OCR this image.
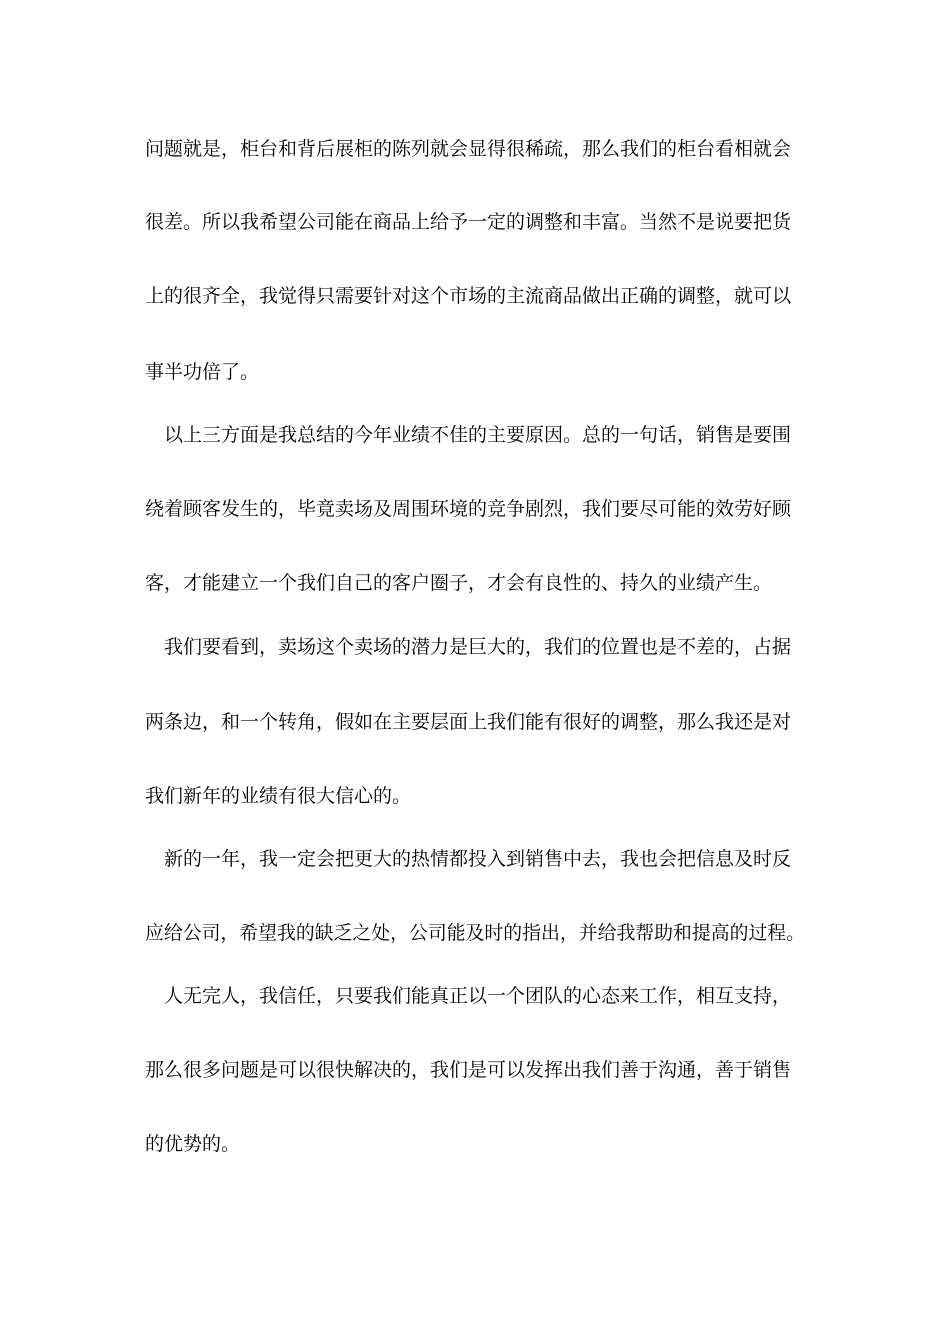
问题就是，柜台和背后展柜的陈列就会显得很稀疏，那么我们的柜台看相就会
很差。所以我希望公司能在商品上给予一定的调整和丰富。当然不是说要把货
上的很齐全，我觉得只需要针对这个市场的主流商品做出正确的调整，就可以
事半功倍了。
　以上三方面是我总结的今年业绩不佳的主要原因。总的一句话，销售是要围
绕着顾客发生的，毕竟卖场及周围环境的竞争剧烈，我们要尽可能的效劳好顾
客，才能建立一个我们自己的客户圈子，才会有良性的、持久的业绩产生。
　我们要看到，卖场这个卖场的潜力是巨大的，我们的位置也是不差的，占据
两条边，和一个转角，假如在主要层面上我们能有很好的调整，那么我还是对
我们新年的业绩有很大信心的。
　新的一年，我一定会把更大的热情都投入到销售中去，我也会把信息及时反
应给公司，希望我的缺乏之处，公司能及时的指出，并给我帮助和提高的过程。
　人无完人，我信任，只要我们能真正以一个团队的心态来工作，相互支持，
那么很多问题是可以很快解决的，我们是可以发挥出我们善于沟通，善于销售
的优势的。
